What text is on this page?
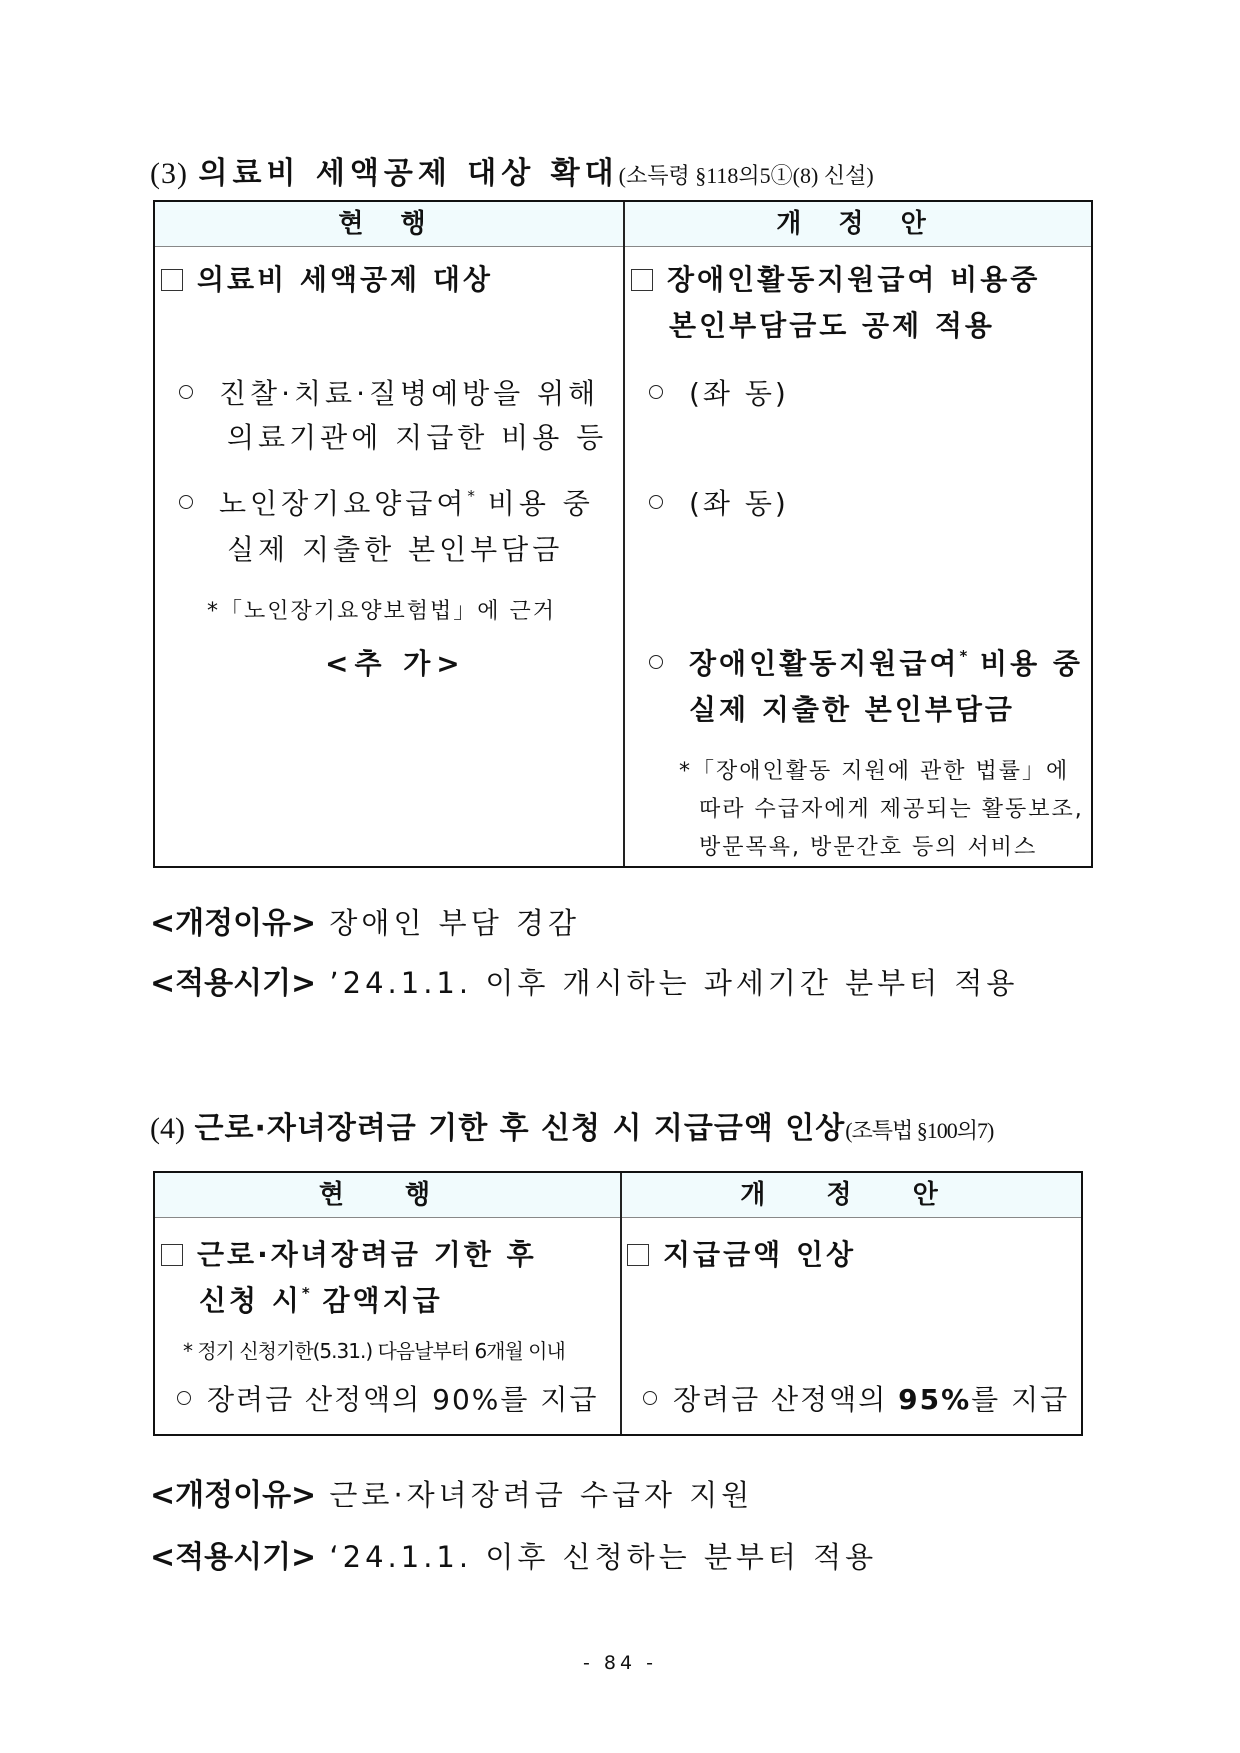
(3) 의료비 세액공제 대상 확대(소득령 §118의5①(8) 신설)
현 행	개 정 안
의료비 세액공제 대상
진찰·치료·질병예방을 위해
의료기관에 지급한 비용 등
노인장기요양급여* 비용 중
실제 지출한 본인부담금
*「노인장기요양보험법」에 근거
<추 가>
장애인활동지원급여 비용중
본인부담금도 공제 적용
(좌 동)
(좌 동)
장애인활동지원급여* 비용 중
실제 지출한 본인부담금
*「장애인활동 지원에 관한 법률」에
따라 수급자에게 제공되는 활동보조,
방문목욕, 방문간호 등의 서비스
<개정이유> 장애인 부담 경감
<적용시기> ’24.1.1. 이후 개시하는 과세기간 분부터 적용
(4) 근로·자녀장려금 기한 후 신청 시 지급금액 인상(조특법 §100의7)
현 행	개 정 안
근로·자녀장려금 기한 후
신청 시* 감액지급
* 정기 신청기한(5.31.) 다음날부터 6개월 이내
장려금 산정액의 90%를 지급
지급금액 인상
장려금 산정액의 95%를 지급
<개정이유> 근로·자녀장려금 수급자 지원
<적용시기> ‘24.1.1. 이후 신청하는 분부터 적용
- 84 -
